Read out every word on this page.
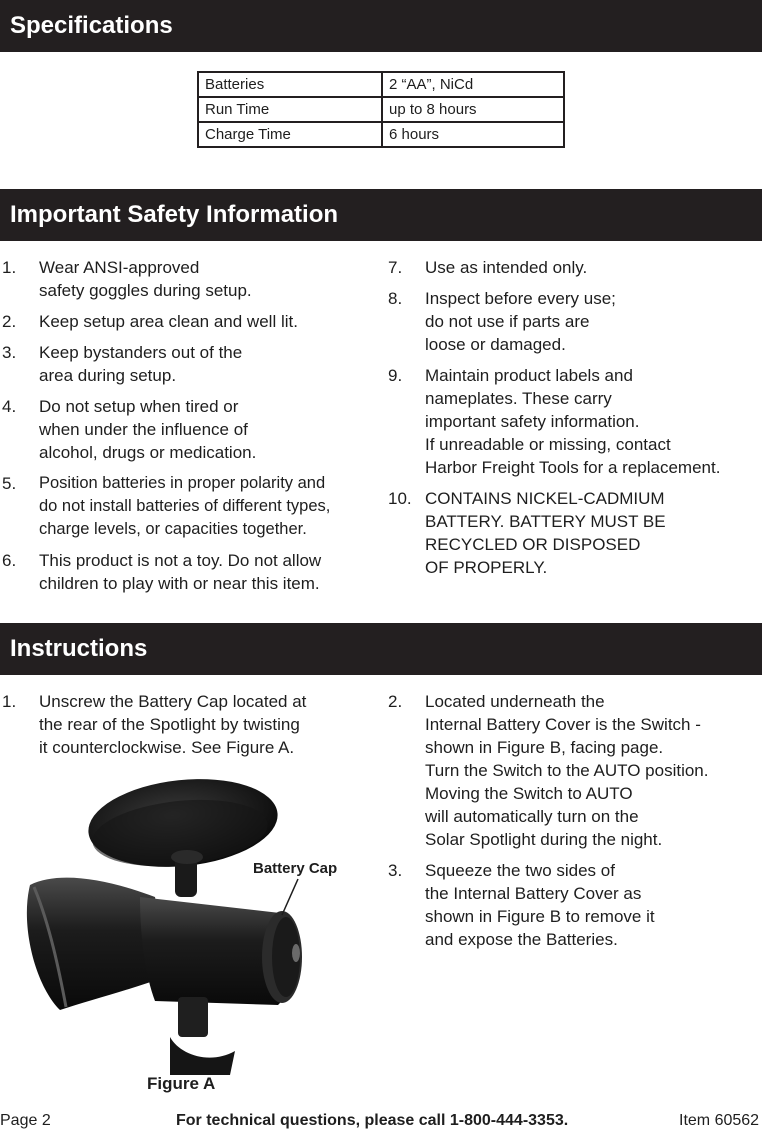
Specifications
Batteries	2 “AA”, NiCd
Run Time	up to 8 hours
Charge Time	6 hours
Important Safety Information
1. Wear ANSI-approved
safety goggles during setup.
2. Keep setup area clean and well lit.
3. Keep bystanders out of the
area during setup.
4. Do not setup when tired or
when under the influence of
alcohol, drugs or medication.
5. Position batteries in proper polarity and
do not install batteries of different types,
charge levels, or capacities together.
6. This product is not a toy. Do not allow
children to play with or near this item.
7. Use as intended only.
8. Inspect before every use;
do not use if parts are
loose or damaged.
9. Maintain product labels and
nameplates. These carry
important safety information.
If unreadable or missing, contact
Harbor Freight Tools for a replacement.
10. CONTAINS NICKEL-CADMIUM
BATTERY. BATTERY MUST BE
RECYCLED OR DISPOSED
OF PROPERLY.
Instructions
1. Unscrew the Battery Cap located at
the rear of the Spotlight by twisting
it counterclockwise. See Figure A.
2. Located underneath the
Internal Battery Cover is the Switch -
shown in Figure B, facing page.
Turn the Switch to the AUTO position.
Moving the Switch to AUTO
will automatically turn on the
Solar Spotlight during the night.
3. Squeeze the two sides of
the Internal Battery Cover as
shown in Figure B to remove it
and expose the Batteries.
Battery Cap
Figure A
Page 2	For technical questions, please call 1-800-444-3353.	Item 60562
